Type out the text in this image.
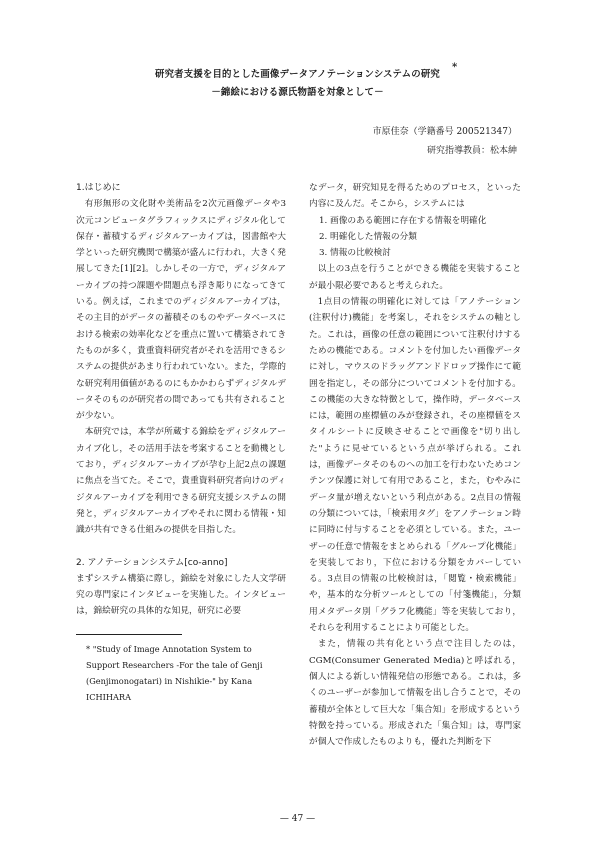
研究者支援を目的とした画像データアノテーションシステムの研究
*
－錦絵における源氏物語を対象として－
市原佳奈（学籍番号 200521347）
研究指導教員：松本紳

1.はじめに

有形無形の文化財や美術品を2次元画像データや3次元コンピュータグラフィックスにディジタル化して保存・蓄積するディジタルアーカイブは，図書館や大学といった研究機関で構築が盛んに行われ，大きく発展してきた[1][2]。しかしその一方で，ディジタルアーカイブの持つ課題や問題点も浮き彫りになってきている。例えば，これまでのディジタルアーカイブは，その主目的がデータの蓄積そのものやデータベースにおける検索の効率化などを重点に置いて構築されてきたものが多く，貴重資料研究者がそれを活用できるシステムの提供があまり行われていない。また，学際的な研究利用価値があるのにもかかわらずディジタルデータそのものが研究者の間であっても共有されることが少ない。

本研究では，本学が所蔵する錦絵をディジタルアーカイブ化し，その活用手法を考案することを動機としており，ディジタルアーカイブが孕む上記2点の課題に焦点を当てた。そこで，貴重資料研究者向けのディジタルアーカイブを利用できる研究支援システムの開発と，ディジタルアーカイブやそれに関わる情報・知識が共有できる仕組みの提供を目指した。

2. アノテーションシステム[co-anno]

まずシステム構築に際し，錦絵を対象にした人文学研究の専門家にインタビューを実施した。インタビューは，錦絵研究の具体的な知見，研究に必要

なデータ，研究知見を得るためのプロセス，といった内容に及んだ。そこから，システムには

1. 画像のある範囲に存在する情報を明確化

2. 明確化した情報の分類

3. 情報の比較検討

以上の3点を行うことができる機能を実装することが最小限必要であると考えられた。

1点目の情報の明確化に対しては「アノテーション(注釈付け)機能」を考案し，それをシステムの軸とした。これは，画像の任意の範囲について注釈付けするための機能である。コメントを付加したい画像データに対し，マウスのドラッグアンドドロップ操作にて範囲を指定し，その部分についてコメントを付加する。この機能の大きな特徴として，操作時，データベースには，範囲の座標値のみが登録され，その座標値をスタイルシートに反映させることで画像を"切り出した"ように見せているという点が挙げられる。これは，画像データそのものへの加工を行わないためコンテンツ保護に対して有用であること，また，むやみにデータ量が増えないという利点がある。2点目の情報の分類については，「検索用タグ」をアノテーション時に同時に付与することを必須としている。また，ユーザーの任意で情報をまとめられる「グループ化機能」を実装しており，下位における分類をカバーしている。3点目の情報の比較検討は，「閲覧・検索機能」や，基本的な分析ツールとしての「付箋機能」，分類用メタデータ別「グラフ化機能」等を実装しており，それらを利用することにより可能とした。

また，情報の共有化という点で注目したのは，CGM(Consumer Generated Media)と呼ばれる，個人による新しい情報発信の形態である。これは，多くのユーザーが参加して情報を出し合うことで，その蓄積が全体として巨大な「集合知」を形成するという特徴を持っている。形成された「集合知」は，専門家が個人で作成したものよりも，優れた判断を下

* "Study of Image Annotation System to Support Researchers -For the tale of Genji (Genjimonogatari) in Nishikie-" by Kana ICHIHARA
— 47 —
